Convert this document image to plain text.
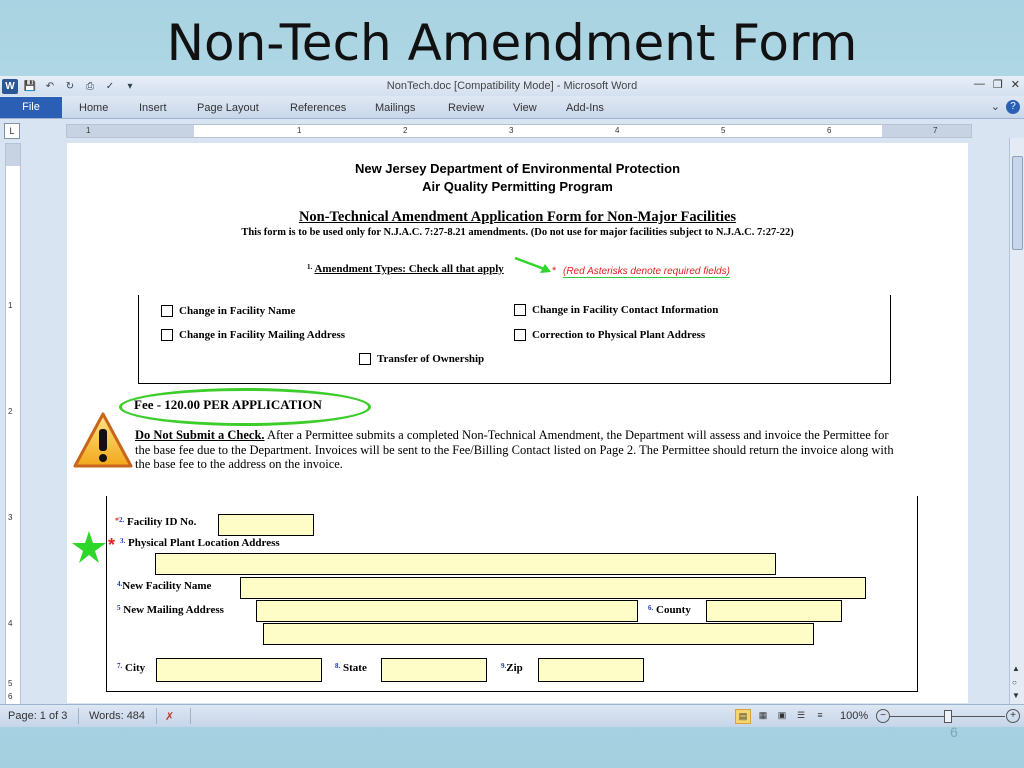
Non-Tech Amendment Form
W 💾 ↶	↻	⎙	✓	▾	NonTech.doc [Compatibility Mode] - Microsoft Word	— ❐ ✕
File	Home	Insert	Page Layout	References	Mailings	Review	View	Add-Ins	⌄	?
L	1	1	2	3	4	5	6	7
1
2
3
4
5
6
▲
○
▼
New Jersey Department of Environmental Protection
Air Quality Permitting Program
Non-Technical Amendment Application Form for Non-Major Facilities
This form is to be used only for N.J.A.C. 7:27-8.21 amendments. (Do not use for major facilities subject to N.J.A.C. 7:27-22)
$^{1.}$ Amendment Types: Check all that apply	* (Red Asterisks denote required fields)
Change in Facility Name	Change in Facility Contact Information
Change in Facility Mailing Address	Correction to Physical Plant Address
Transfer of Ownership
Fee - 120.00 PER APPLICATION
Do Not Submit a Check. After a Permittee submits a completed Non-Technical Amendment, the Department will assess and invoice the Permittee for the base fee due to the Department. Invoices will be sent to the Fee/Billing Contact listed on Page 2. The Permittee should return the invoice along with the base fee to the address on the invoice.
*
$^{*2.}$ Facility ID No.
$^{3.}$ Physical Plant Location Address
$^{4.}$New Facility Name
$^5$ New Mailing Address	$^{6.}$ County
$^{7.}$ City	$^{8.}$ State	$^{9.}$Zip
Page: 1 of 3 Words: 484 ✗	▤	▦	▣	☰	≡	100%	−	+
6
